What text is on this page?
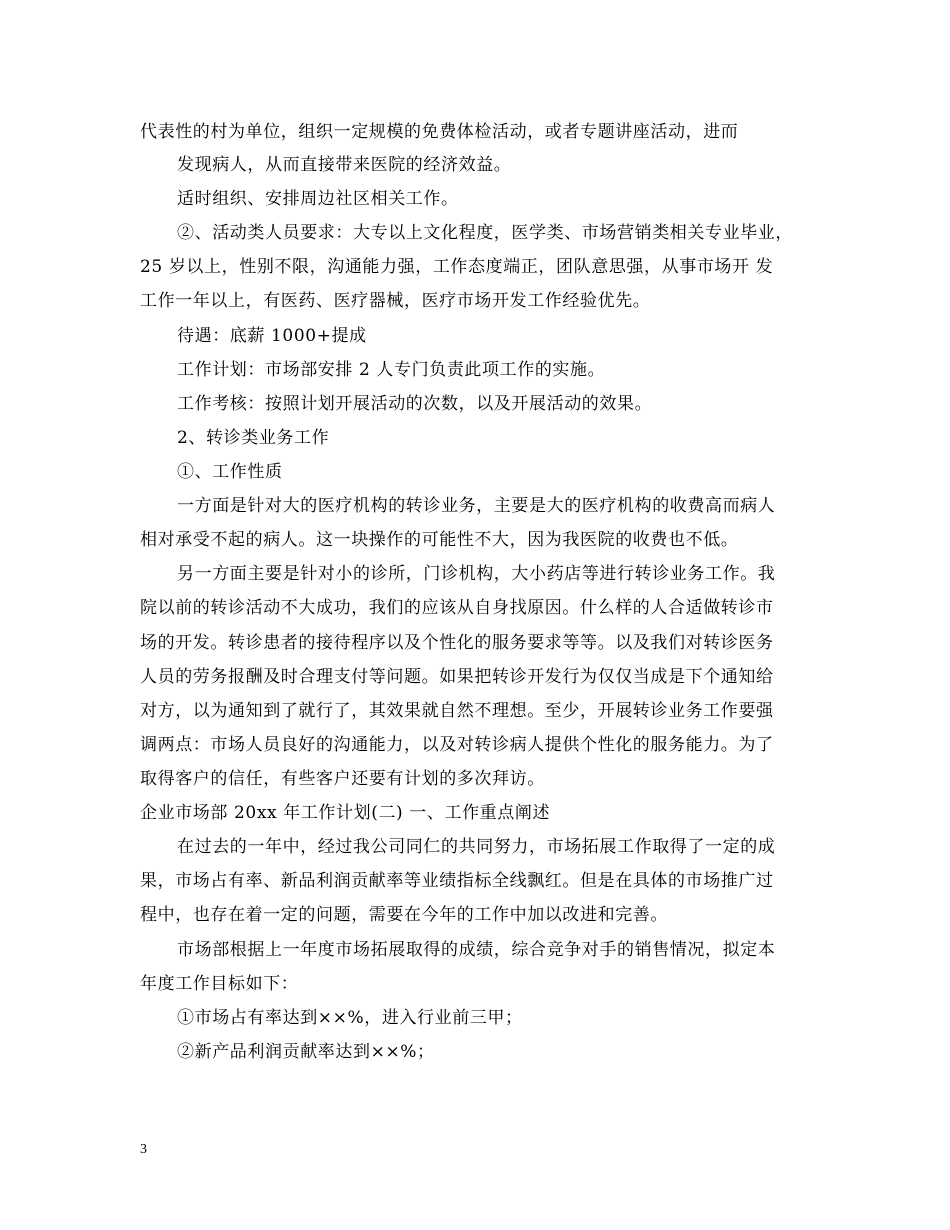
代表性的村为单位，组织一定规模的免费体检活动，或者专题讲座活动，进而
发现病人，从而直接带来医院的经济效益。
适时组织、安排周边社区相关工作。
②、活动类人员要求：大专以上文化程度，医学类、市场营销类相关专业毕业，
25 岁以上，性别不限，沟通能力强，工作态度端正，团队意思强，从事市场开 发
工作一年以上，有医药、医疗器械，医疗市场开发工作经验优先。
待遇：底薪 1000+提成
工作计划：市场部安排 2 人专门负责此项工作的实施。
工作考核：按照计划开展活动的次数，以及开展活动的效果。
2、转诊类业务工作
①、工作性质
一方面是针对大的医疗机构的转诊业务，主要是大的医疗机构的收费高而病人
相对承受不起的病人。这一块操作的可能性不大，因为我医院的收费也不低。
另一方面主要是针对小的诊所，门诊机构，大小药店等进行转诊业务工作。我
院以前的转诊活动不大成功，我们的应该从自身找原因。什么样的人合适做转诊市
场的开发。转诊患者的接待程序以及个性化的服务要求等等。以及我们对转诊医务
人员的劳务报酬及时合理支付等问题。如果把转诊开发行为仅仅当成是下个通知给
对方，以为通知到了就行了，其效果就自然不理想。至少，开展转诊业务工作要强
调两点：市场人员良好的沟通能力，以及对转诊病人提供个性化的服务能力。为了
取得客户的信任，有些客户还要有计划的多次拜访。
企业市场部 20xx 年工作计划(二) 一、工作重点阐述
在过去的一年中，经过我公司同仁的共同努力，市场拓展工作取得了一定的成
果，市场占有率、新品利润贡献率等业绩指标全线飘红。但是在具体的市场推广过
程中，也存在着一定的问题，需要在今年的工作中加以改进和完善。
市场部根据上一年度市场拓展取得的成绩，综合竞争对手的销售情况，拟定本
年度工作目标如下：
①市场占有率达到××%，进入行业前三甲；
②新产品利润贡献率达到××%；
3
